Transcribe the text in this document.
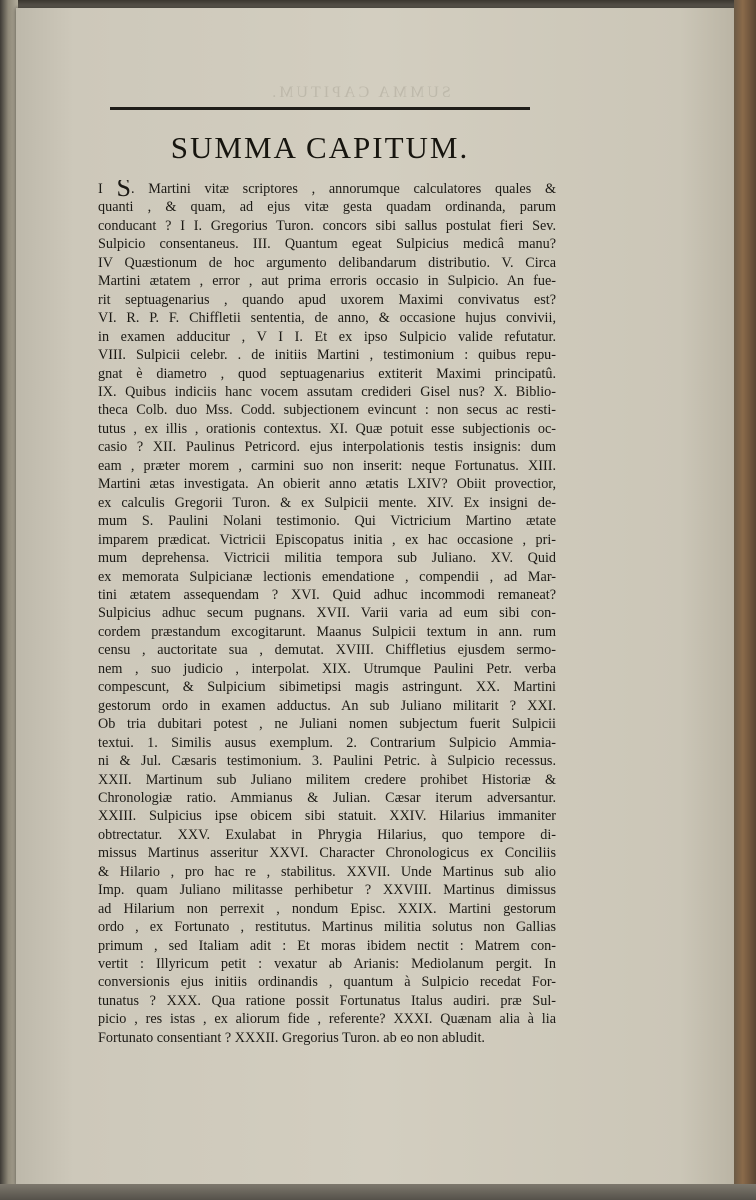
SUMMA CAPITUM.
SUMMA CAPITUM.
I S. Martini vitæ scriptores , annorumque calculatores quales &
quanti , & quam, ad ejus vitæ gesta quadam ordinanda, parum
conducant ? I I. Gregorius Turon. concors sibi sallus postulat fieri Sev.
Sulpicio consentaneus. III. Quantum egeat Sulpicius medicâ manu?
IV Quæstionum de hoc argumento delibandarum distributio. V. Circa
Martini ætatem , error , aut prima erroris occasio in Sulpicio. An fue-
rit septuagenarius , quando apud uxorem Maximi convivatus est?
VI. R. P. F. Chiffletii sententia, de anno, & occasione hujus convivii,
in examen adducitur , V I I. Et ex ipso Sulpicio valide refutatur.
VIII. Sulpicii celebr. . de initiis Martini , testimonium : quibus repu-
gnat è diametro , quod septuagenarius extiterit Maximi principatû.
IX. Quibus indiciis hanc vocem assutam credideri Gisel nus? X. Biblio-
theca Colb. duo Mss. Codd. subjectionem evincunt : non secus ac resti-
tutus , ex illis , orationis contextus. XI. Quæ potuit esse subjectionis oc-
casio ? XII. Paulinus Petricord. ejus interpolationis testis insignis: dum
eam , præter morem , carmini suo non inserit: neque Fortunatus. XIII.
Martini ætas investigata. An obierit anno ætatis LXIV? Obiit provectior,
ex calculis Gregorii Turon. & ex Sulpicii mente. XIV. Ex insigni de-
mum S. Paulini Nolani testimonio. Qui Victricium Martino ætate
imparem prædicat. Victricii Episcopatus initia , ex hac occasione , pri-
mum deprehensa. Victricii militia tempora sub Juliano. XV. Quid
ex memorata Sulpicianæ lectionis emendatione , compendii , ad Mar-
tini ætatem assequendam ? XVI. Quid adhuc incommodi remaneat?
Sulpicius adhuc secum pugnans. XVII. Varii varia ad eum sibi con-
cordem præstandum excogitarunt. Maanus Sulpicii textum in ann. rum
censu , auctoritate sua , demutat. XVIII. Chiffletius ejusdem sermo-
nem , suo judicio , interpolat. XIX. Utrumque Paulini Petr. verba
compescunt, & Sulpicium sibimetipsi magis astringunt. XX. Martini
gestorum ordo in examen adductus. An sub Juliano militarit ? XXI.
Ob tria dubitari potest , ne Juliani nomen subjectum fuerit Sulpicii
textui. 1. Similis ausus exemplum. 2. Contrarium Sulpicio Ammia-
ni & Jul. Cæsaris testimonium. 3. Paulini Petric. à Sulpicio recessus.
XXII. Martinum sub Juliano militem credere prohibet Historiæ &
Chronologiæ ratio. Ammianus & Julian. Cæsar iterum adversantur.
XXIII. Sulpicius ipse obicem sibi statuit. XXIV. Hilarius immaniter
obtrectatur. XXV. Exulabat in Phrygia Hilarius, quo tempore di-
missus Martinus asseritur XXVI. Character Chronologicus ex Conciliis
& Hilario , pro hac re , stabilitus. XXVII. Unde Martinus sub alio
Imp. quam Juliano militasse perhibetur ? XXVIII. Martinus dimissus
ad Hilarium non perrexit , nondum Episc. XXIX. Martini gestorum
ordo , ex Fortunato , restitutus. Martinus militia solutus non Gallias
primum , sed Italiam adit : Et moras ibidem nectit : Matrem con-
vertit : Illyricum petit : vexatur ab Arianis: Mediolanum pergit. In
conversionis ejus initiis ordinandis , quantum à Sulpicio recedat For-
tunatus ? XXX. Qua ratione possit Fortunatus Italus audiri. præ Sul-
picio , res istas , ex aliorum fide , referente? XXXI. Quænam alia à lia
Fortunato consentiant ? XXXII. Gregorius Turon. ab eo non abludit.
